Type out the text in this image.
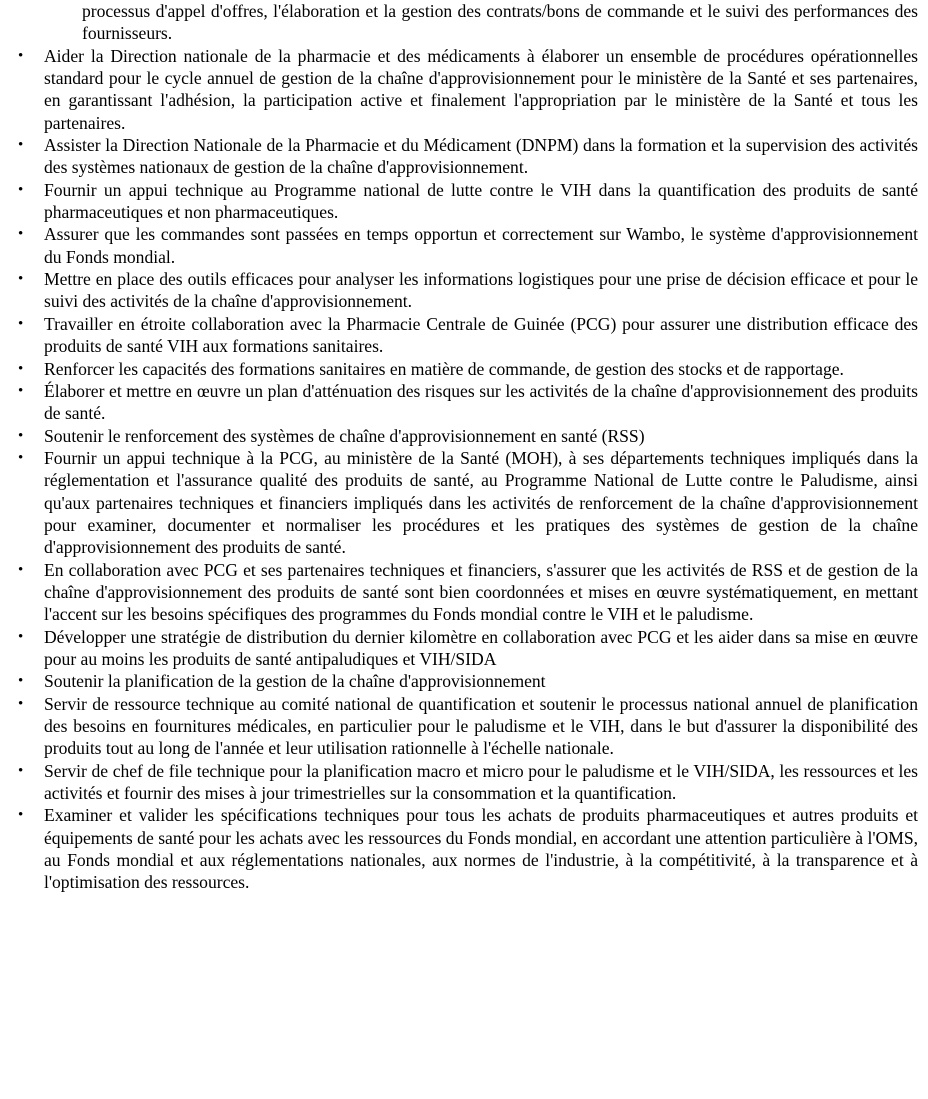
processus d'appel d'offres, l'élaboration et la gestion des contrats/bons de commande et le suivi des performances des fournisseurs.

• Aider la Direction nationale de la pharmacie et des médicaments à élaborer un ensemble de procédures opérationnelles standard pour le cycle annuel de gestion de la chaîne d'approvisionnement pour le ministère de la Santé et ses partenaires, en garantissant l'adhésion, la participation active et finalement l'appropriation par le ministère de la Santé et tous les partenaires.
• Assister la Direction Nationale de la Pharmacie et du Médicament (DNPM) dans la formation et la supervision des activités des systèmes nationaux de gestion de la chaîne d'approvisionnement.
• Fournir un appui technique au Programme national de lutte contre le VIH dans la quantification des produits de santé pharmaceutiques et non pharmaceutiques.
• Assurer que les commandes sont passées en temps opportun et correctement sur Wambo, le système d'approvisionnement du Fonds mondial.
• Mettre en place des outils efficaces pour analyser les informations logistiques pour une prise de décision efficace et pour le suivi des activités de la chaîne d'approvisionnement.
• Travailler en étroite collaboration avec la Pharmacie Centrale de Guinée (PCG) pour assurer une distribution efficace des produits de santé VIH aux formations sanitaires.
• Renforcer les capacités des formations sanitaires en matière de commande, de gestion des stocks et de rapportage.
• Élaborer et mettre en œuvre un plan d'atténuation des risques sur les activités de la chaîne d'approvisionnement des produits de santé.
• Soutenir le renforcement des systèmes de chaîne d'approvisionnement en santé (RSS)
• Fournir un appui technique à la PCG, au ministère de la Santé (MOH), à ses départements techniques impliqués dans la réglementation et l'assurance qualité des produits de santé, au Programme National de Lutte contre le Paludisme, ainsi qu'aux partenaires techniques et financiers impliqués dans les activités de renforcement de la chaîne d'approvisionnement pour examiner, documenter et normaliser les procédures et les pratiques des systèmes de gestion de la chaîne d'approvisionnement des produits de santé.
• En collaboration avec PCG et ses partenaires techniques et financiers, s'assurer que les activités de RSS et de gestion de la chaîne d'approvisionnement des produits de santé sont bien coordonnées et mises en œuvre systématiquement, en mettant l'accent sur les besoins spécifiques des programmes du Fonds mondial contre le VIH et le paludisme.
• Développer une stratégie de distribution du dernier kilomètre en collaboration avec PCG et les aider dans sa mise en œuvre pour au moins les produits de santé antipaludiques et VIH/SIDA
• Soutenir la planification de la gestion de la chaîne d'approvisionnement
• Servir de ressource technique au comité national de quantification et soutenir le processus national annuel de planification des besoins en fournitures médicales, en particulier pour le paludisme et le VIH, dans le but d'assurer la disponibilité des produits tout au long de l'année et leur utilisation rationnelle à l'échelle nationale.
• Servir de chef de file technique pour la planification macro et micro pour le paludisme et le VIH/SIDA, les ressources et les activités et fournir des mises à jour trimestrielles sur la consommation et la quantification.
• Examiner et valider les spécifications techniques pour tous les achats de produits pharmaceutiques et autres produits et équipements de santé pour les achats avec les ressources du Fonds mondial, en accordant une attention particulière à l'OMS, au Fonds mondial et aux réglementations nationales, aux normes de l'industrie, à la compétitivité, à la transparence et à l'optimisation des ressources.
